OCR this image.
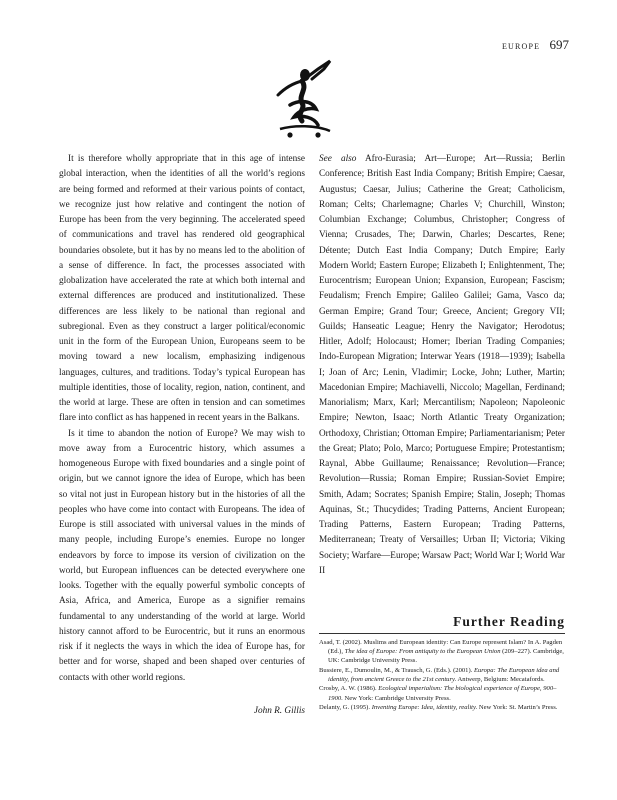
europe 697

It is therefore wholly appropriate that in this age of intense global interaction, when the identities of all the world’s regions are being formed and reformed at their various points of contact, we recognize just how relative and contingent the notion of Europe has been from the very beginning. The accelerated speed of communications and travel has rendered old geographical boundaries obsolete, but it has by no means led to the abolition of a sense of difference. In fact, the processes associated with globalization have accelerated the rate at which both internal and external differences are produced and institutionalized. These differences are less likely to be national than regional and subregional. Even as they construct a larger political/economic unit in the form of the European Union, Europeans seem to be moving toward a new localism, emphasizing indigenous languages, cultures, and traditions. Today’s typical European has multiple identities, those of locality, region, nation, continent, and the world at large. These are often in tension and can sometimes flare into conflict as has happened in recent years in the Balkans.

Is it time to abandon the notion of Europe? We may wish to move away from a Eurocentric history, which assumes a homogeneous Europe with fixed boundaries and a single point of origin, but we cannot ignore the idea of Europe, which has been so vital not just in European history but in the histories of all the peoples who have come into contact with Europeans. The idea of Europe is still associated with universal values in the minds of many people, including Europe’s enemies. Europe no longer endeavors by force to impose its version of civilization on the world, but European influences can be detected everywhere one looks. Together with the equally powerful symbolic concepts of Asia, Africa, and America, Europe as a signifier remains fundamental to any understanding of the world at large. World history cannot afford to be Eurocentric, but it runs an enormous risk if it neglects the ways in which the idea of Europe has, for better and for worse, shaped and been shaped over centuries of contacts with other world regions.

John R. Gillis
See also Afro-Eurasia; Art—Europe; Art—Russia; Berlin Conference; British East India Company; British Empire; Caesar, Augustus; Caesar, Julius; Catherine the Great; Catholicism, Roman; Celts; Charlemagne; Charles V; Churchill, Winston; Columbian Exchange; Columbus, Christopher; Congress of Vienna; Crusades, The; Darwin, Charles; Descartes, Rene; Détente; Dutch East India Company; Dutch Empire; Early Modern World; Eastern Europe; Elizabeth I; Enlightenment, The; Eurocentrism; European Union; Expansion, European; Fascism; Feudalism; French Empire; Galileo Galilei; Gama, Vasco da; German Empire; Grand Tour; Greece, Ancient; Gregory VII; Guilds; Hanseatic League; Henry the Navigator; Herodotus; Hitler, Adolf; Holocaust; Homer; Iberian Trading Companies; Indo-European Migration; Interwar Years (1918—1939); Isabella I; Joan of Arc; Lenin, Vladimir; Locke, John; Luther, Martin; Macedonian Empire; Machiavelli, Niccolo; Magellan, Ferdinand; Manorialism; Marx, Karl; Mercantilism; Napoleon; Napoleonic Empire; Newton, Isaac; North Atlantic Treaty Organization; Orthodoxy, Christian; Ottoman Empire; Parliamentarianism; Peter the Great; Plato; Polo, Marco; Portuguese Empire; Protestantism; Raynal, Abbe Guillaume; Renaissance; Revolution—France; Revolution—Russia; Roman Empire; Russian-Soviet Empire; Smith, Adam; Socrates; Spanish Empire; Stalin, Joseph; Thomas Aquinas, St.; Thucydides; Trading Patterns, Ancient European; Trading Patterns, Eastern European; Trading Patterns, Mediterranean; Treaty of Versailles; Urban II; Victoria; Viking Society; Warfare—Europe; Warsaw Pact; World War I; World War II
Further Reading
Asad, T. (2002). Muslims and European identity: Can Europe represent Islam? In A. Pagden (Ed.), The idea of Europe: From antiquity to the European Union (209–227). Cambridge, UK: Cambridge University Press.
Bussiere, E., Dumoulin, M., & Trausch, G. (Eds.). (2001). Europa: The European idea and identity, from ancient Greece to the 21st century. Antwerp, Belgium: Mecatafords.
Crosby, A. W. (1986). Ecological imperialism: The biological experience of Europe, 900–1900. New York: Cambridge University Press.
Delanty, G. (1995). Inventing Europe: Idea, identity, reality. New York: St. Martin’s Press.
